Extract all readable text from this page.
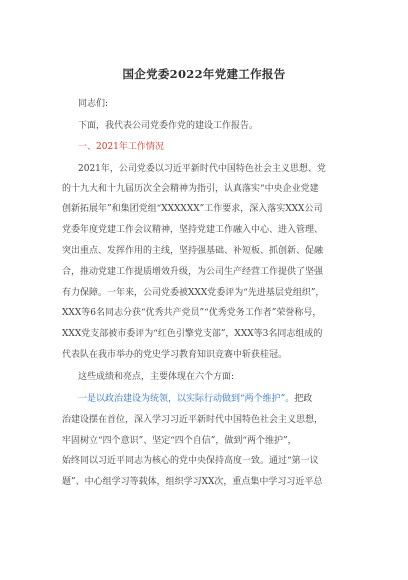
国企党委2022年党建工作报告
同志们:
下面，我代表公司党委作党的建设工作报告。
一、2021年工作情况
2021年，公司党委以习近平新时代中国特色社会主义思想、党
的十九大和十九届历次全会精神为指引，认真落实“中央企业党建
创新拓展年”和集团党组“XXXXXX”工作要求，深入落实XXX公司
党委年度党建工作会议精神，坚持党建工作融入中心、进入管理、
突出重点、发挥作用的主线，坚持强基础、补短板、抓创新、促融
合，推动党建工作提质增效升级，为公司生产经营工作提供了坚强
有力保障。一年来，公司党委被XXX党委评为“先进基层党组织”，
XXX等6名同志分获“优秀共产党员”“优秀党务工作者”荣誉称号，
XXX党支部被市委评为“红色引擎党支部”，XXX等3名同志组成的
代表队在我市举办的党史学习教育知识竞赛中斩获桂冠。
这些成绩和亮点，主要体现在六个方面:
一是以政治建设为统领，以实际行动做到“两个维护”。把政
治建设摆在首位，深入学习习近平新时代中国特色社会主义思想，
牢固树立“四个意识”、坚定“四个自信”，做到“两个维护”，
始终同以习近平同志为核心的党中央保持高度一致。通过“第一议
题”、中心组学习等载体，组织学习XX次，重点集中学习习近平总
